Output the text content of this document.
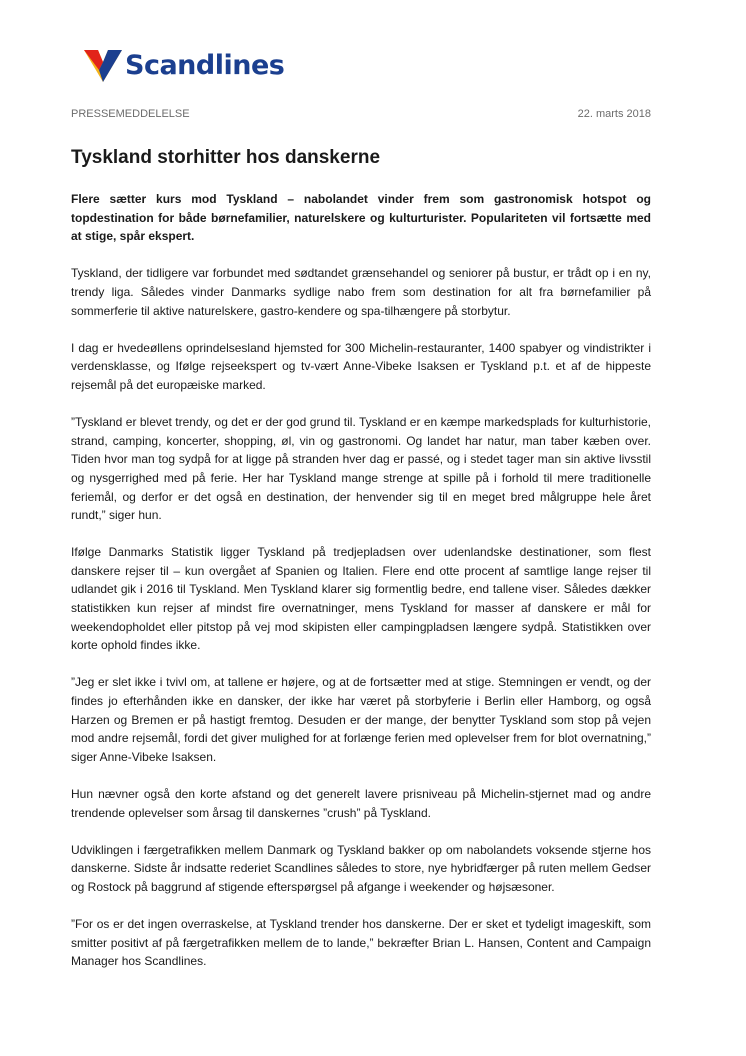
Scandlines
PRESSEMEDDELELSE	22. marts 2018
Tyskland storhitter hos danskerne

Flere sætter kurs mod Tyskland – nabolandet vinder frem som gastronomisk hotspot og topdestination for både børnefamilier, naturelskere og kulturturister. Populariteten vil fortsætte med at stige, spår ekspert.

Tyskland, der tidligere var forbundet med sødtandet grænsehandel og seniorer på bustur, er trådt op i en ny, trendy liga. Således vinder Danmarks sydlige nabo frem som destination for alt fra børnefamilier på sommerferie til aktive naturelskere, gastro-kendere og spa-tilhængere på storbytur.

I dag er hvedeøllens oprindelsesland hjemsted for 300 Michelin-restauranter, 1400 spabyer og vindistrikter i verdensklasse, og Ifølge rejseekspert og tv-vært Anne-Vibeke Isaksen er Tyskland p.t. et af de hippeste rejsemål på det europæiske marked.

”Tyskland er blevet trendy, og det er der god grund til. Tyskland er en kæmpe markedsplads for kulturhistorie, strand, camping, koncerter, shopping, øl, vin og gastronomi. Og landet har natur, man taber kæben over. Tiden hvor man tog sydpå for at ligge på stranden hver dag er passé, og i stedet tager man sin aktive livsstil og nysgerrighed med på ferie. Her har Tyskland mange strenge at spille på i forhold til mere traditionelle feriemål, og derfor er det også en destination, der henvender sig til en meget bred målgruppe hele året rundt,” siger hun.

Ifølge Danmarks Statistik ligger Tyskland på tredjepladsen over udenlandske destinationer, som flest danskere rejser til – kun overgået af Spanien og Italien. Flere end otte procent af samtlige lange rejser til udlandet gik i 2016 til Tyskland. Men Tyskland klarer sig formentlig bedre, end tallene viser. Således dækker statistikken kun rejser af mindst fire overnatninger, mens Tyskland for masser af danskere er mål for weekendopholdet eller pitstop på vej mod skipisten eller campingpladsen længere sydpå. Statistikken over korte ophold findes ikke.

”Jeg er slet ikke i tvivl om, at tallene er højere, og at de fortsætter med at stige. Stemningen er vendt, og der findes jo efterhånden ikke en dansker, der ikke har været på storbyferie i Berlin eller Hamborg, og også Harzen og Bremen er på hastigt fremtog. Desuden er der mange, der benytter Tyskland som stop på vejen mod andre rejsemål, fordi det giver mulighed for at forlænge ferien med oplevelser frem for blot overnatning,” siger Anne-Vibeke Isaksen.

Hun nævner også den korte afstand og det generelt lavere prisniveau på Michelin-stjernet mad og andre trendende oplevelser som årsag til danskernes ”crush” på Tyskland.

Udviklingen i færgetrafikken mellem Danmark og Tyskland bakker op om nabolandets voksende stjerne hos danskerne. Sidste år indsatte rederiet Scandlines således to store, nye hybridfærger på ruten mellem Gedser og Rostock på baggrund af stigende efterspørgsel på afgange i weekender og højsæsoner.

”For os er det ingen overraskelse, at Tyskland trender hos danskerne. Der er sket et tydeligt imageskift, som smitter positivt af på færgetrafikken mellem de to lande,” bekræfter Brian L. Hansen, Content and Campaign Manager hos Scandlines.
